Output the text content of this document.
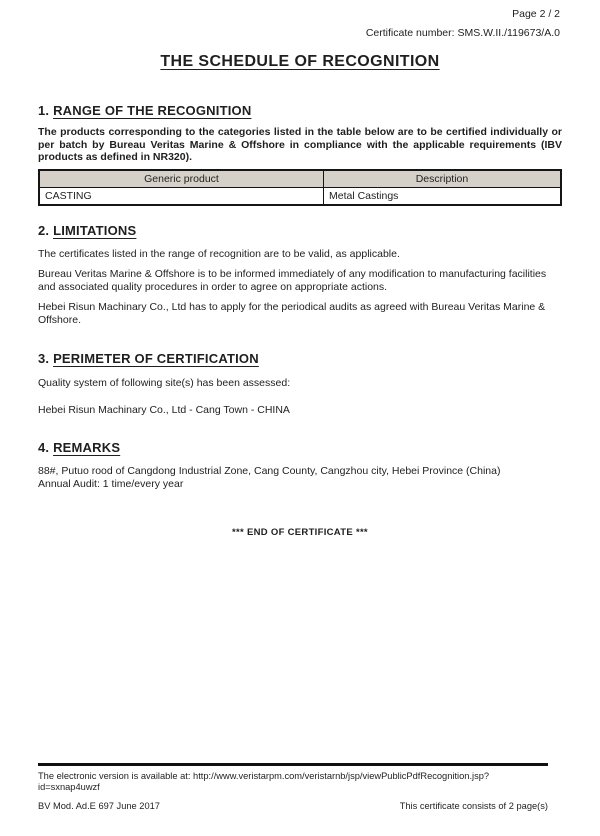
Page 2 / 2
Certificate number: SMS.W.II./119673/A.0
THE SCHEDULE OF RECOGNITION

1. RANGE OF THE RECOGNITION

The products corresponding to the categories listed in the table below are to be certified individually or per batch by Bureau Veritas Marine & Offshore in compliance with the applicable requirements (IBV products as defined in NR320).

Generic product	Description
CASTING	Metal Castings

2. LIMITATIONS

The certificates listed in the range of recognition are to be valid, as applicable.

Bureau Veritas Marine & Offshore is to be informed immediately of any modification to manufacturing facilities and associated quality procedures in order to agree on appropriate actions.

Hebei Risun Machinary Co., Ltd has to apply for the periodical audits as agreed with Bureau Veritas Marine & Offshore.

3. PERIMETER OF CERTIFICATION

Quality system of following site(s) has been assessed:

Hebei Risun Machinary Co., Ltd - Cang Town - CHINA

4. REMARKS

88#, Putuo rood of Cangdong Industrial Zone, Cang County, Cangzhou city, Hebei Province (China)

Annual Audit: 1 time/every year

*** END OF CERTIFICATE ***

The electronic version is available at: http://www.veristarpm.com/veristarnb/jsp/viewPublicPdfRecognition.jsp?id=sxnap4uwzf
BV Mod. Ad.E 697 June 2017	This certificate consists of 2 page(s)
